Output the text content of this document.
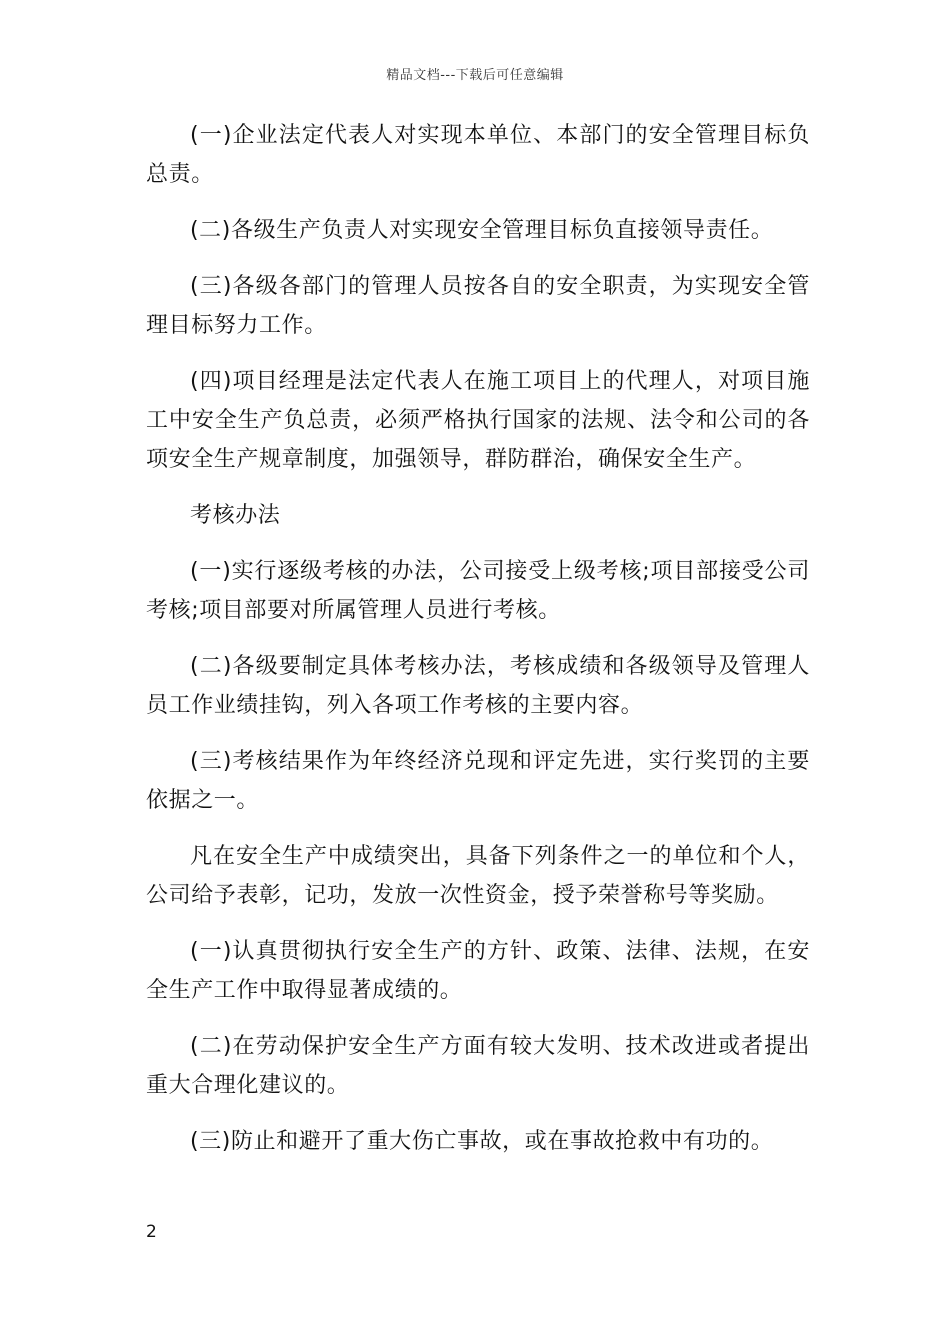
精品文档---下载后可任意编辑

(一)企业法定代表人对实现本单位、本部门的安全管理目标负总责。

(二)各级生产负责人对实现安全管理目标负直接领导责任。

(三)各级各部门的管理人员按各自的安全职责，为实现安全管理目标努力工作。

(四)项目经理是法定代表人在施工项目上的代理人，对项目施工中安全生产负总责，必须严格执行国家的法规、法令和公司的各项安全生产规章制度，加强领导，群防群治，确保安全生产。

考核办法

(一)实行逐级考核的办法，公司接受上级考核;项目部接受公司考核;项目部要对所属管理人员进行考核。

(二)各级要制定具体考核办法，考核成绩和各级领导及管理人员工作业绩挂钩，列入各项工作考核的主要内容。

(三)考核结果作为年终经济兑现和评定先进，实行奖罚的主要依据之一。

凡在安全生产中成绩突出，具备下列条件之一的单位和个人，公司给予表彰，记功，发放一次性资金，授予荣誉称号等奖励。

(一)认真贯彻执行安全生产的方针、政策、法律、法规，在安全生产工作中取得显著成绩的。

(二)在劳动保护安全生产方面有较大发明、技术改进或者提出重大合理化建议的。

(三)防止和避开了重大伤亡事故，或在事故抢救中有功的。

2
